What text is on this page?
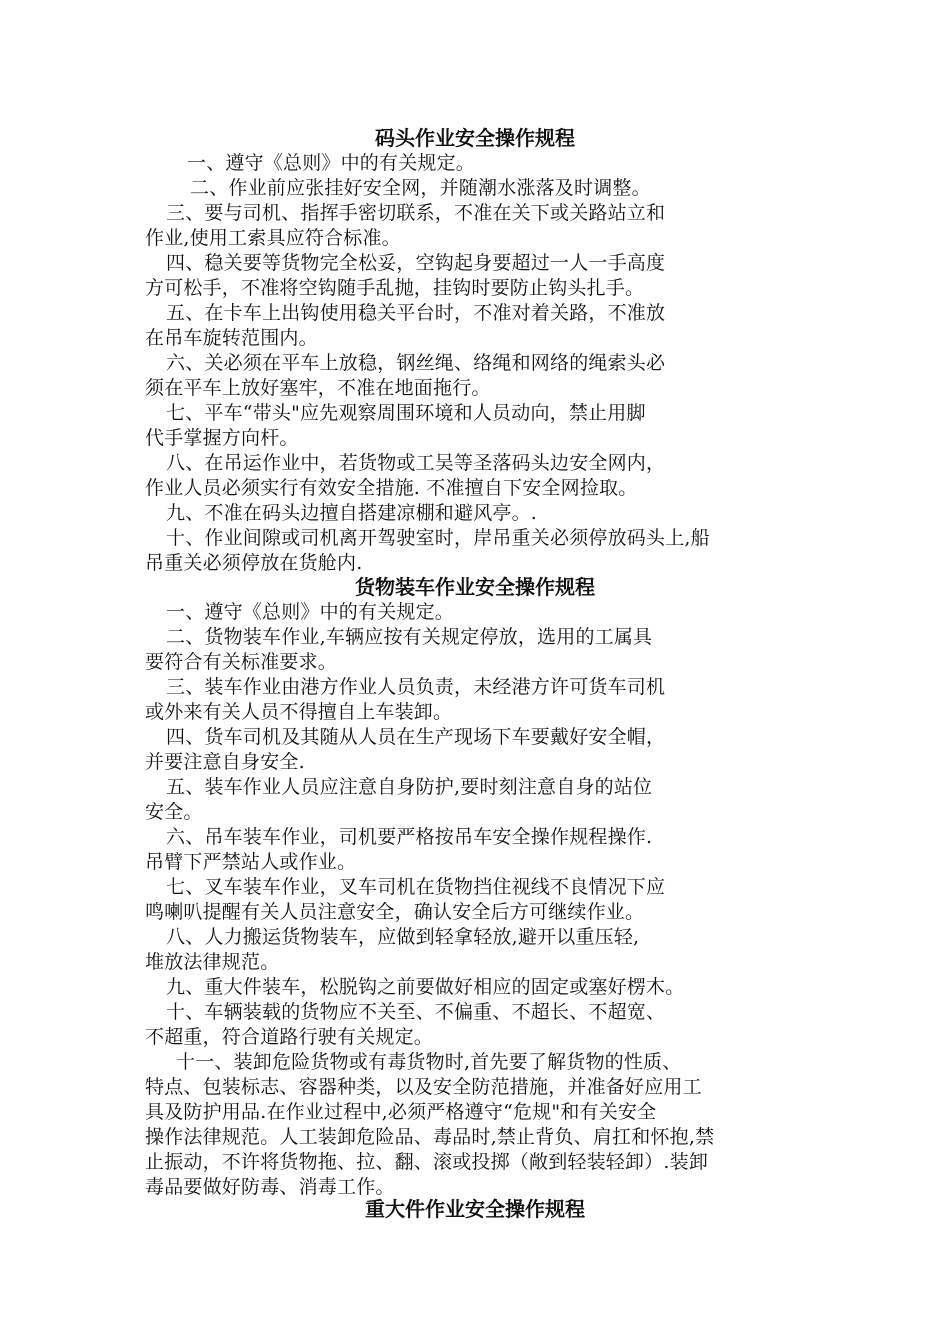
码头作业安全操作规程
一、遵守《总则》中的有关规定。
二、作业前应张挂好安全网，并随潮水涨落及时调整。
三、要与司机、指挥手密切联系，不准在关下或关路站立和
作业,使用工索具应符合标准。
四、稳关要等货物完全松妥，空钩起身要超过一人一手高度
方可松手，不准将空钩随手乱抛，挂钩时要防止钩头扎手。
五、在卡车上出钩使用稳关平台时，不准对着关路，不准放
在吊车旋转范围内。
六、关必须在平车上放稳，钢丝绳、络绳和网络的绳索头必
须在平车上放好塞牢，不准在地面拖行。
七、平车“带头"应先观察周围环境和人员动向，禁止用脚
代手掌握方向杆。
八、在吊运作业中，若货物或工吴等圣落码头边安全网内，
作业人员必须实行有效安全措施. 不准擅自下安全网捡取。
九、不准在码头边擅自搭建凉棚和避风亭。.
十、作业间隙或司机离开驾驶室时，岸吊重关必须停放码头上,船
吊重关必须停放在货舱内.
货物装车作业安全操作规程
一、遵守《总则》中的有关规定。
二、货物装车作业,车辆应按有关规定停放，选用的工属具
要符合有关标准要求。
三、装车作业由港方作业人员负责，未经港方许可货车司机
或外来有关人员不得擅自上车装卸。
四、货车司机及其随从人员在生产现场下车要戴好安全帽，
并要注意自身安全.
五、装车作业人员应注意自身防护,要时刻注意自身的站位
安全。
六、吊车装车作业，司机要严格按吊车安全操作规程操作.
吊臂下严禁站人或作业。
七、叉车装车作业，叉车司机在货物挡住视线不良情况下应
鸣喇叭提醒有关人员注意安全，确认安全后方可继续作业。
八、人力搬运货物装车，应做到轻拿轻放,避开以重压轻,
堆放法律规范。
九、重大件装车，松脱钩之前要做好相应的固定或塞好楞木。
十、车辆装载的货物应不关至、不偏重、不超长、不超宽、
不超重，符合道路行驶有关规定。
十一、装卸危险货物或有毒货物时,首先要了解货物的性质、
特点、包装标志、容器种类，以及安全防范措施，并准备好应用工
具及防护用品.在作业过程中,必须严格遵守“危规"和有关安全
操作法律规范。人工装卸危险品、毒品时,禁止背负、肩扛和怀抱,禁
止振动，不许将货物拖、拉、翻、滚或投掷（敞到轻装轻卸）.装卸
毒品要做好防毒、消毒工作。
重大件作业安全操作规程
